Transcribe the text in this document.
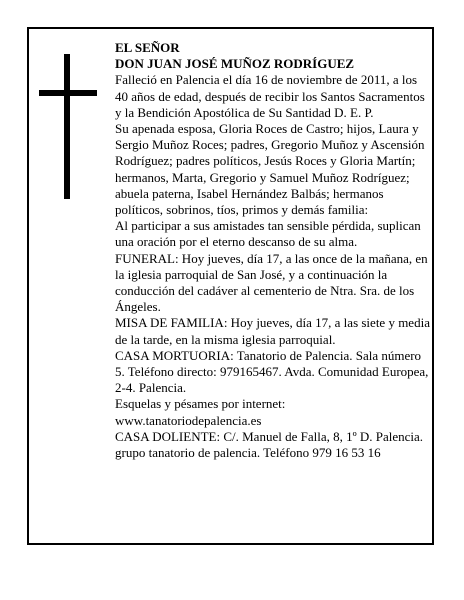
EL SEÑOR

DON JUAN JOSÉ MUÑOZ RODRÍGUEZ

Falleció en Palencia el día 16 de noviembre de 2011, a los 40 años de edad, después de recibir los Santos Sacramentos y la Bendición Apostólica de Su Santidad D. E. P.

Su apenada esposa, Gloria Roces de Castro; hijos, Laura y Sergio Muñoz Roces; padres, Gregorio Muñoz y Ascensión Rodríguez; padres políticos, Jesús Roces y Gloria Martín; hermanos, Marta, Gregorio y Samuel Muñoz Rodríguez; abuela paterna, Isabel Hernández Balbás; hermanos políticos, sobrinos, tíos, primos y demás familia:

Al participar a sus amistades tan sensible pérdida, suplican una oración por el eterno descanso de su alma.

FUNERAL: Hoy jueves, día 17, a las once de la mañana, en la iglesia parroquial de San José, y a continuación la conducción del cadáver al cementerio de Ntra. Sra. de los Ángeles.

MISA DE FAMILIA: Hoy jueves, día 17, a las siete y media de la tarde, en la misma iglesia parroquial.

CASA MORTUORIA: Tanatorio de Palencia. Sala número 5. Teléfono directo: 979165467. Avda. Comunidad Europea, 2-4. Palencia.

Esquelas y pésames por internet: www.tanatoriodepalencia.es

CASA DOLIENTE: C/. Manuel de Falla, 8, 1º D. Palencia.

grupo tanatorio de palencia. Teléfono 979 16 53 16
